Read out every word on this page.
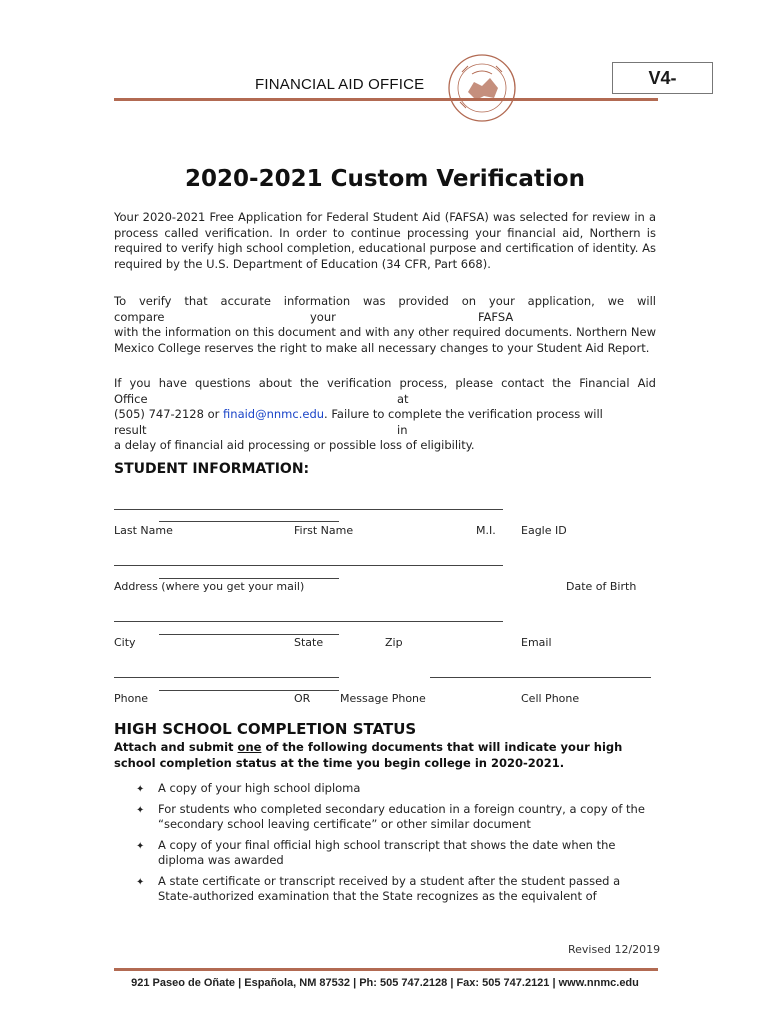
FINANCIAL AID OFFICE	V4-
2020-2021 Custom Verification

Your 2020-2021 Free Application for Federal Student Aid (FAFSA) was selected for review in a process called verification. In order to continue processing your financial aid, Northern is required to verify high school completion, educational purpose and certification of identity. As required by the U.S. Department of Education (34 CFR, Part 668).

To verify that accurate information was provided on your application, we will

compare	your	FAFSA

with the information on this document and with any other required documents. Northern New Mexico College reserves the right to make all necessary changes to your Student Aid Report.

If you have questions about the verification process, please contact the Financial Aid

Office	at

(505) 747-2128 or finaid@nnmc.edu. Failure to complete the verification process will

result	in

a delay of financial aid processing or possible loss of eligibility.

STUDENT INFORMATION:
Last Name	First Name	M.I. Eagle ID
Address (where you get your mail)	Date of Birth
City	State	Zip	Email
Phone	OR	Message Phone	Cell Phone
HIGH SCHOOL COMPLETION STATUS
Attach and submit one of the following documents that will indicate your high school completion status at the time you begin college in 2020-2021.
✦ A copy of your high school diploma
✦ For students who completed secondary education in a foreign country, a copy of the “secondary school leaving certificate” or other similar document
✦ A copy of your final official high school transcript that shows the date when the diploma was awarded
✦ A state certificate or transcript received by a student after the student passed a State-authorized examination that the State recognizes as the equivalent of
Revised 12/2019
921 Paseo de Oñate | Española, NM 87532 | Ph: 505 747.2128 | Fax: 505 747.2121 | www.nnmc.edu
